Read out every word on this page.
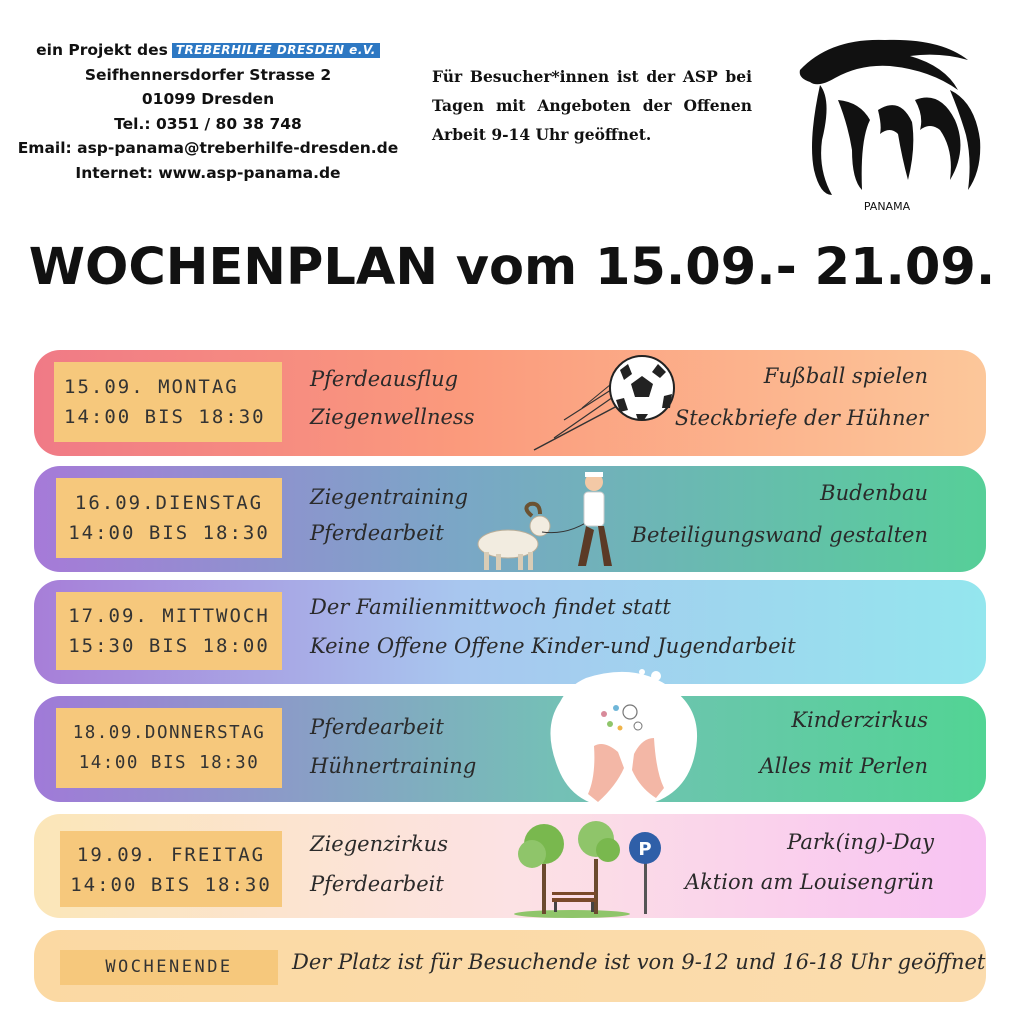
ein Projekt des TREBERHILFE DRESDEN e.V.
Seifhennersdorfer Strasse 2
01099 Dresden
Tel.: 0351 / 80 38 748
Email: asp-panama@treberhilfe-dresden.de
Internet: www.asp-panama.de
Für Besucher*innen ist der ASP bei Tagen mit Angeboten der Offenen Arbeit 9-14 Uhr geöffnet.
PANAMA
WOCHENPLAN vom 15.09.- 21.09.
15.09. MONTAG
14:00 BIS 18:30
Pferdeausflug
Ziegenwellness
Fußball spielen
Steckbriefe der Hühner
16.09.DIENSTAG
14:00 BIS 18:30
Ziegentraining
Pferdearbeit
Budenbau
Beteiligungswand gestalten
17.09. MITTWOCH
15:30 BIS 18:00
Der Familienmittwoch findet statt
Keine Offene Offene Kinder-und Jugendarbeit
18.09.DONNERSTAG
14:00 BIS 18:30
Pferdearbeit
Hühnertraining
Kinderzirkus
Alles mit Perlen
19.09. FREITAG
14:00 BIS 18:30
Ziegenzirkus
Pferdearbeit
Park(ing)-Day
Aktion am Louisengrün
P
WOCHENENDE	Der Platz ist für Besuchende ist von 9-12 und 16-18 Uhr geöffnet
